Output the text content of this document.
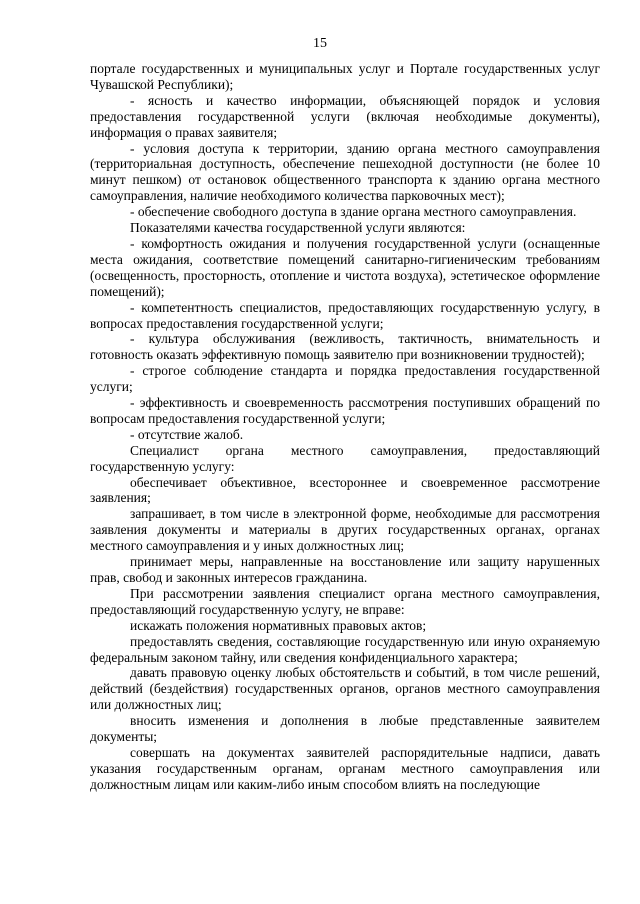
15

порталe государственных и муниципальных услуг и Портале государственных услуг Чувашской Республики);

- ясность и качество информации, объясняющей порядок и условия предоставления государственной услуги (включая необходимые документы), информация о правах заявителя;

- условия доступа к территории, зданию органа местного самоуправления (территориальная доступность, обеспечение пешеходной доступности (не более 10 минут пешком) от остановок общественного транспорта к зданию органа местного самоуправления, наличие необходимого количества парковочных мест);

- обеспечение свободного доступа в здание органа местного самоуправления.

Показателями качества государственной услуги являются:

- комфортность ожидания и получения государственной услуги (оснащенные места ожидания, соответствие помещений санитарно-гигиеническим требованиям (освещенность, просторность, отопление и чистота воздуха), эстетическое оформление помещений);

- компетентность специалистов, предоставляющих государственную услугу, в вопросах предоставления государственной услуги;

- культура обслуживания (вежливость, тактичность, внимательность и готовность оказать эффективную помощь заявителю при возникновении трудностей);

- строгое соблюдение стандарта и порядка предоставления государственной услуги;

- эффективность и своевременность рассмотрения поступивших обращений по вопросам предоставления государственной услуги;

- отсутствие жалоб.

Специалист органа местного самоуправления, предоставляющий государственную услугу:

обеспечивает объективное, всестороннее и своевременное рассмотрение заявления;

запрашивает, в том числе в электронной форме, необходимые для рассмотрения заявления документы и материалы в других государственных органах, органах местного самоуправления и у иных должностных лиц;

принимает меры, направленные на восстановление или защиту нарушенных прав, свобод и законных интересов гражданина.

При рассмотрении заявления специалист органа местного самоуправления, предоставляющий государственную услугу, не вправе:

искажать положения нормативных правовых актов;

предоставлять сведения, составляющие государственную или иную охраняемую федеральным законом тайну, или сведения конфиденциального характера;

давать правовую оценку любых обстоятельств и событий, в том числе решений, действий (бездействия) государственных органов, органов местного самоуправления или должностных лиц;

вносить изменения и дополнения в любые представленные заявителем документы;

совершать на документах заявителей распорядительные надписи, давать указания государственным органам, органам местного самоуправления или должностным лицам или каким-либо иным способом влиять на последующие
